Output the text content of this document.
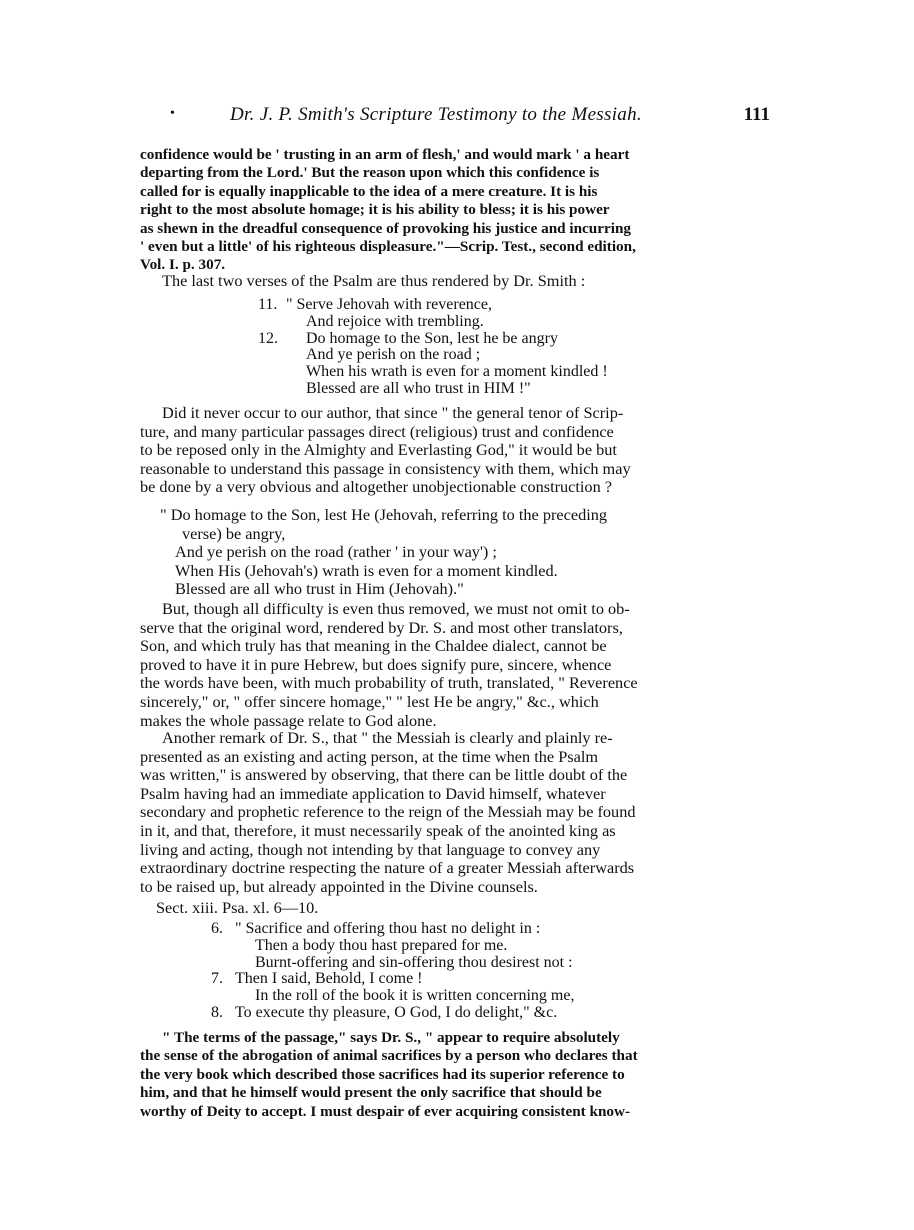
•	Dr. J. P. Smith's Scripture Testimony to the Messiah.	111
confidence would be ' trusting in an arm of flesh,' and would mark ' a heart
departing from the Lord.' But the reason upon which this confidence is
called for is equally inapplicable to the idea of a mere creature. It is his
right to the most absolute homage; it is his ability to bless; it is his power
as shewn in the dreadful consequence of provoking his justice and incurring
' even but a little' of his righteous displeasure."—Scrip. Test., second edition,
Vol. I. p. 307.
The last two verses of the Psalm are thus rendered by Dr. Smith :
11. " Serve Jehovah with reverence,
And rejoice with trembling.
12. Do homage to the Son, lest he be angry
And ye perish on the road ;
When his wrath is even for a moment kindled !
Blessed are all who trust in HIM !"
Did it never occur to our author, that since " the general tenor of Scrip-
ture, and many particular passages direct (religious) trust and confidence
to be reposed only in the Almighty and Everlasting God," it would be but
reasonable to understand this passage in consistency with them, which may
be done by a very obvious and altogether unobjectionable construction ?
" Do homage to the Son, lest He (Jehovah, referring to the preceding
verse) be angry,
And ye perish on the road (rather ' in your way') ;
When His (Jehovah's) wrath is even for a moment kindled.
Blessed are all who trust in Him (Jehovah)."
But, though all difficulty is even thus removed, we must not omit to ob-
serve that the original word, rendered by Dr. S. and most other translators,
Son, and which truly has that meaning in the Chaldee dialect, cannot be
proved to have it in pure Hebrew, but does signify pure, sincere, whence
the words have been, with much probability of truth, translated, " Reverence
sincerely," or, " offer sincere homage," " lest He be angry," &c., which
makes the whole passage relate to God alone.
Another remark of Dr. S., that " the Messiah is clearly and plainly re-
presented as an existing and acting person, at the time when the Psalm
was written," is answered by observing, that there can be little doubt of the
Psalm having had an immediate application to David himself, whatever
secondary and prophetic reference to the reign of the Messiah may be found
in it, and that, therefore, it must necessarily speak of the anointed king as
living and acting, though not intending by that language to convey any
extraordinary doctrine respecting the nature of a greater Messiah afterwards
to be raised up, but already appointed in the Divine counsels.
Sect. xiii. Psa. xl. 6—10.
6. " Sacrifice and offering thou hast no delight in :
Then a body thou hast prepared for me.
Burnt-offering and sin-offering thou desirest not :
7. Then I said, Behold, I come !
In the roll of the book it is written concerning me,
8. To execute thy pleasure, O God, I do delight," &c.
" The terms of the passage," says Dr. S., " appear to require absolutely
the sense of the abrogation of animal sacrifices by a person who declares that
the very book which described those sacrifices had its superior reference to
him, and that he himself would present the only sacrifice that should be
worthy of Deity to accept. I must despair of ever acquiring consistent know-
